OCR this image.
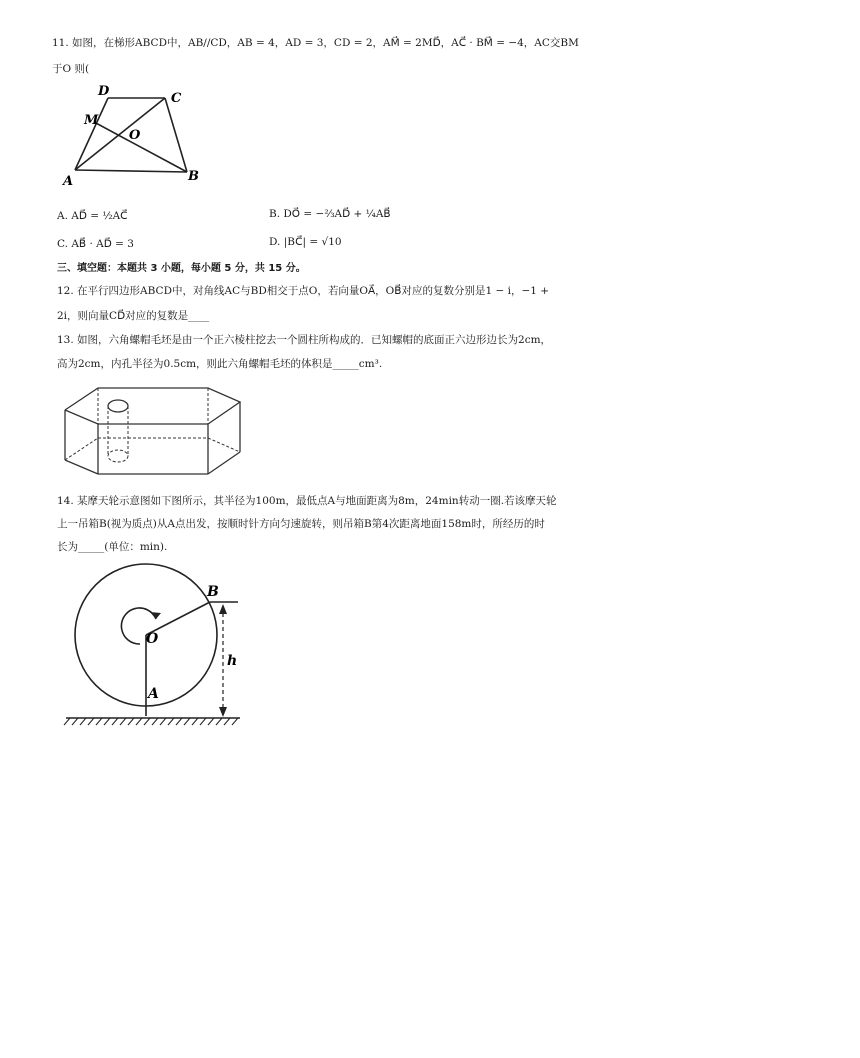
11. 如图，在梯形ABCD中，AB//CD，AB = 4，AD = 3，CD = 2，AM⃗ = 2MD⃗，AC⃗ · BM⃗ = −4，AC交BM
于O 则(
D	C
M
O
A	B
A. AD⃗ = ½AC⃗	B. DO⃗ = −⅔AD⃗ + ¼AB⃗
C. AB⃗ · AD⃗ = 3	D. |BC⃗| = √10
三、填空题：本题共 3 小题，每小题 5 分，共 15 分。
12. 在平行四边形ABCD中，对角线AC与BD相交于点O，若向量OA⃗，OB⃗对应的复数分别是1 − i，−1 +
2i，则向量CD⃗对应的复数是____
13. 如图，六角螺帽毛坯是由一个正六棱柱挖去一个圆柱所构成的．已知螺帽的底面正六边形边长为2cm，
高为2cm，内孔半径为0.5cm，则此六角螺帽毛坯的体积是_____cm³.
14. 某摩天轮示意图如下图所示，其半径为100m，最低点A与地面距离为8m，24min转动一圈.若该摩天轮
上一吊箱B(视为质点)从A点出发，按顺时针方向匀速旋转，则吊箱B第4次距离地面158m时，所经历的时
长为_____(单位：min).
B
O
A
h
